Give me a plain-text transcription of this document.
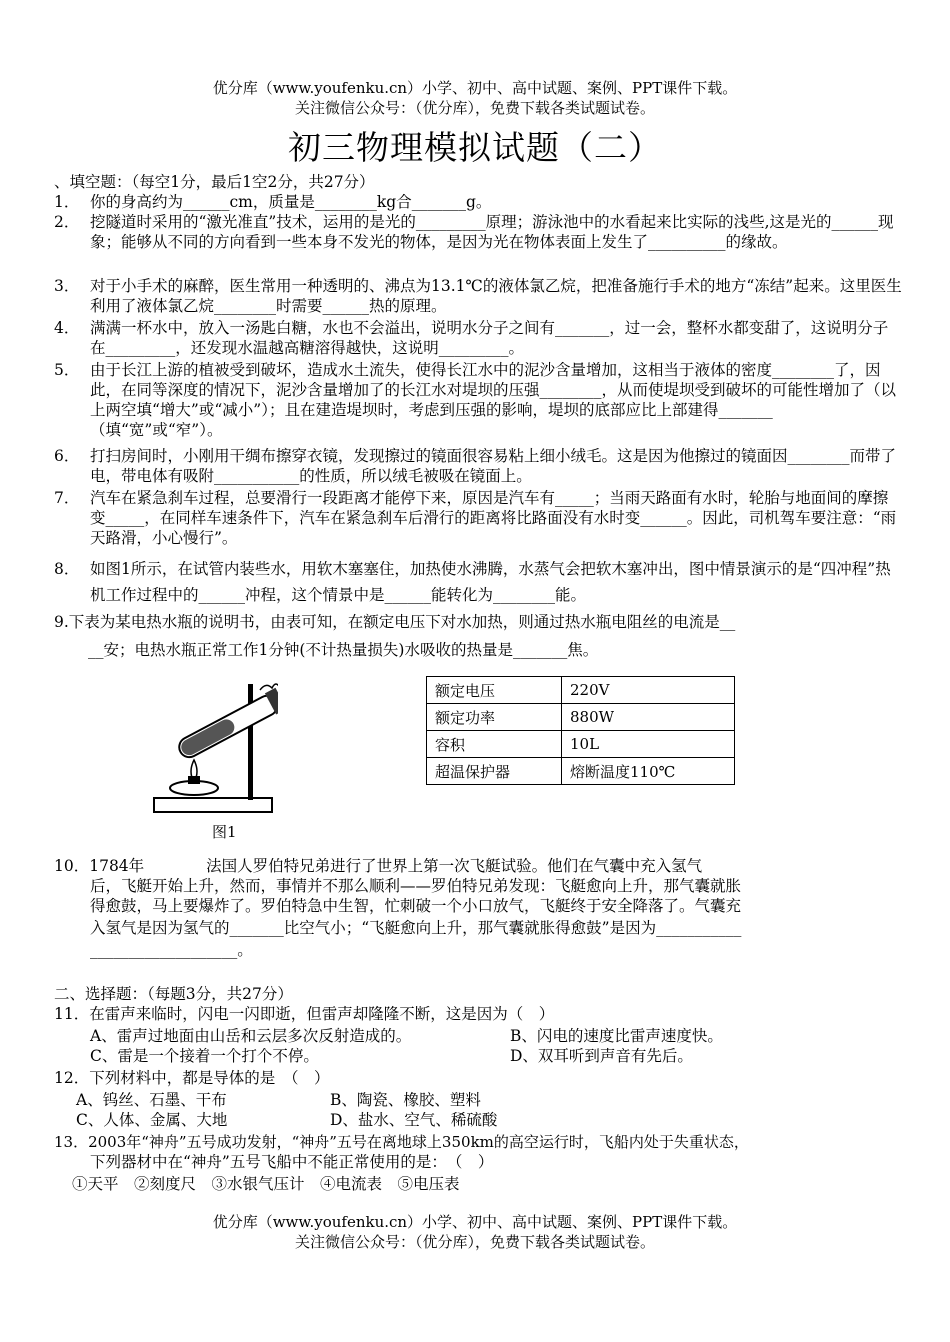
优分库（www.youfenku.cn）小学、初中、高中试题、案例、PPT课件下载。
关注微信公众号：（优分库），免费下载各类试题试卷。
初三物理模拟试题（二）
、填空题：（每空1分，最后1空2分，共27分）
1． 你的身高约为______cm，质量是________kg合_______g。
2． 挖隧道时采用的“激光准直”技术，运用的是光的_________原理；游泳池中的水看起来比实际的浅些,这是光的______现象；能够从不同的方向看到一些本身不发光的物体，是因为光在物体表面上发生了__________的缘故。
3． 对于小手术的麻醉，医生常用一种透明的、沸点为13.1℃的液体氯乙烷，把准备施行手术的地方“冻结”起来。这里医生利用了液体氯乙烷________时需要______热的原理。
4． 满满一杯水中，放入一汤匙白糖，水也不会溢出，说明水分子之间有_______，过一会，整杯水都变甜了，这说明分子在_________，还发现水温越高糖溶得越快，这说明_________。
5． 由于长江上游的植被受到破坏，造成水土流失，使得长江水中的泥沙含量增加，这相当于液体的密度________了，因此，在同等深度的情况下，泥沙含量增加了的长江水对堤坝的压强________，从而使堤坝受到破坏的可能性增加了（以上两空填“增大”或“减小”）；且在建造堤坝时，考虑到压强的影响，堤坝的底部应比上部建得_______（填“宽”或“窄”）。
6． 打扫房间时，小刚用干绸布擦穿衣镜，发现擦过的镜面很容易粘上细小绒毛。这是因为他擦过的镜面因________而带了电，带电体有吸附___________的性质，所以绒毛被吸在镜面上。
7． 汽车在紧急刹车过程，总要滑行一段距离才能停下来，原因是汽车有_____；当雨天路面有水时，轮胎与地面间的摩擦变_____，在同样车速条件下，汽车在紧急刹车后滑行的距离将比路面没有水时变______。因此，司机驾车要注意：“雨天路滑，小心慢行”。
8． 如图1所示，在试管内装些水，用软木塞塞住，加热使水沸腾，水蒸气会把软木塞冲出，图中情景演示的是“四冲程”热机工作过程中的______冲程，这个情景中是______能转化为________能。
9.下表为某电热水瓶的说明书，由表可知，在额定电压下对水加热，则通过热水瓶电阻丝的电流是__
__安；电热水瓶正常工作1分钟(不计热量损失)水吸收的热量是_______焦。
图1
额定电压	220V
额定功率	880W
容积	10L
超温保护器	熔断温度110℃
10．1784年　　　　法国人罗伯特兄弟进行了世界上第一次飞艇试验。他们在气囊中充入氢气
后，飞艇开始上升，然而，事情并不那么顺利——罗伯特兄弟发现：飞艇愈向上升，那气囊就胀
得愈鼓，马上要爆炸了。罗伯特急中生智，忙刺破一个小口放气，飞艇终于安全降落了。气囊充
入氢气是因为氢气的_______比空气小；“飞艇愈向上升，那气囊就胀得愈鼓”是因为___________
___________________。
二、选择题：（每题3分，共27分）
11．在雷声来临时，闪电一闪即逝，但雷声却隆隆不断，这是因为（　）
A、雷声过地面由山岳和云层多次反射造成的。	B、闪电的速度比雷声速度快。
C、雷是一个接着一个打个不停。	D、双耳听到声音有先后。
12．下列材料中，都是导体的是　（　）
A、钨丝、石墨、干布	B、陶瓷、橡胶、塑料
C、人体、金属、大地	D、盐水、空气、稀硫酸
13．2003年“神舟”五号成功发射，“神舟”五号在离地球上350km的高空运行时，飞船内处于失重状态，
下列器材中在“神舟”五号飞船中不能正常使用的是：　（　）
①天平　②刻度尺　③水银气压计　④电流表　⑤电压表
优分库（www.youfenku.cn）小学、初中、高中试题、案例、PPT课件下载。
关注微信公众号：（优分库），免费下载各类试题试卷。
